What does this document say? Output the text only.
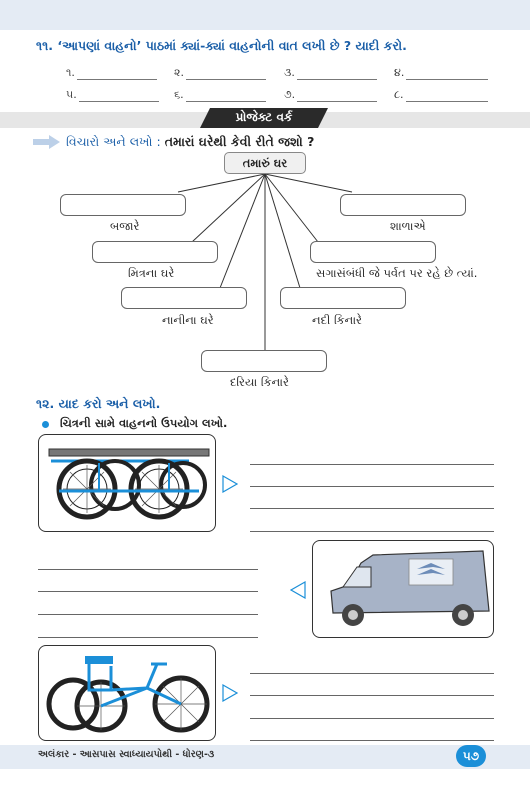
૧૧. ‘આપણાં વાહનો’ પાઠમાં ક્યાં-ક્યાં વાહનોની વાત લખી છે ? યાદી કરો.
૧.	૨.	૩.	૪.
૫.	૬.	૭.	૮.
પ્રોજેક્ટ વર્ક
વિચારો અને લખો : તમારાં ઘરેથી કેવી રીતે જશો ?
તમારું ઘર
બજારે	શાળાએ
મિત્રના ઘરે	સગાસંબંધી જે પર્વત પર રહે છે ત્યાં.
નાનીના ઘરે	નદી કિનારે
દરિયા કિનારે
૧૨. યાદ કરો અને લખો.
ચિત્રની સામે વાહનનો ઉપયોગ લખો.
અલંકાર - આસપાસ સ્વાધ્યાયપોથી - ધોરણ-૩	૫૭
